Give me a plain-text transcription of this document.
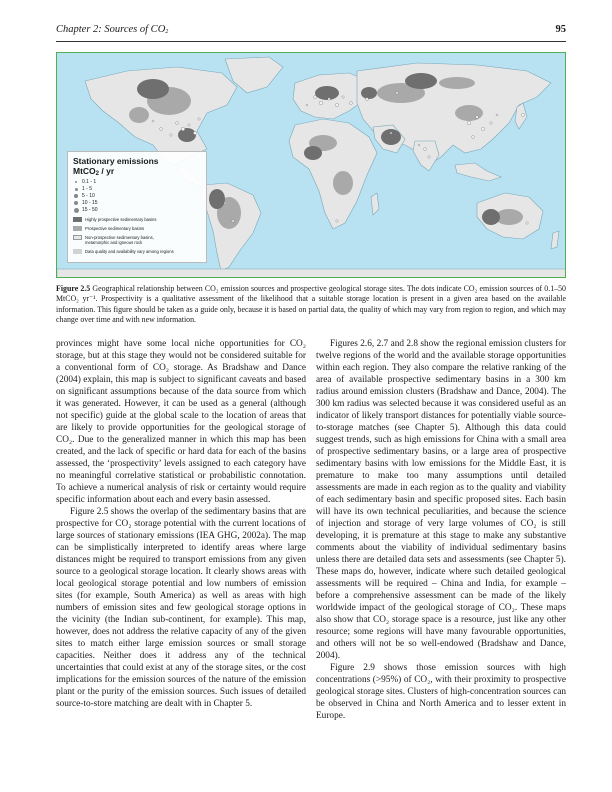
Chapter 2: Sources of $CO_2$	95
Stationary emissions
MtCO$_2$ / yr
0.1 - 1
1 - 5
5 - 10
10 - 15
15 - 50
Highly prospective sedimentary basins
Prospective sedimentary basins
Non-prospective sedimentary basins, metamorphic and igneous rock
Data quality and availability vary among regions
Figure 2.5 Geographical relationship between CO₂ emission sources and prospective geological storage sites. The dots indicate CO₂ emission sources of 0.1–50 MtCO₂ yr⁻¹. Prospectivity is a qualitative assessment of the likelihood that a suitable storage location is present in a given area based on the available information. This figure should be taken as a guide only, because it is based on partial data, the quality of which may vary from region to region, and which may change over time and with new information.

provinces might have some local niche opportunities for CO₂ storage, but at this stage they would not be considered suitable for a conventional form of CO₂ storage. As Bradshaw and Dance (2004) explain, this map is subject to significant caveats and based on significant assumptions because of the data source from which it was generated. However, it can be used as a general (although not specific) guide at the global scale to the location of areas that are likely to provide opportunities for the geological storage of CO₂. Due to the generalized manner in which this map has been created, and the lack of specific or hard data for each of the basins assessed, the ‘prospectivity’ levels assigned to each category have no meaningful correlative statistical or probabilistic connotation. To achieve a numerical analysis of risk or certainty would require specific information about each and every basin assessed.

Figure 2.5 shows the overlap of the sedimentary basins that are prospective for CO₂ storage potential with the current locations of large sources of stationary emissions (IEA GHG, 2002a). The map can be simplistically interpreted to identify areas where large distances might be required to transport emissions from any given source to a geological storage location. It clearly shows areas with local geological storage potential and low numbers of emission sites (for example, South America) as well as areas with high numbers of emission sites and few geological storage options in the vicinity (the Indian sub-continent, for example). This map, however, does not address the relative capacity of any of the given sites to match either large emission sources or small storage capacities. Neither does it address any of the technical uncertainties that could exist at any of the storage sites, or the cost implications for the emission sources of the nature of the emission plant or the purity of the emission sources. Such issues of detailed source-to-store matching are dealt with in Chapter 5.

Figures 2.6, 2.7 and 2.8 show the regional emission clusters for twelve regions of the world and the available storage opportunities within each region. They also compare the relative ranking of the area of available prospective sedimentary basins in a 300 km radius around emission clusters (Bradshaw and Dance, 2004). The 300 km radius was selected because it was considered useful as an indicator of likely transport distances for potentially viable source-to-storage matches (see Chapter 5). Although this data could suggest trends, such as high emissions for China with a small area of prospective sedimentary basins, or a large area of prospective sedimentary basins with low emissions for the Middle East, it is premature to make too many assumptions until detailed assessments are made in each region as to the quality and viability of each sedimentary basin and specific proposed sites. Each basin will have its own technical peculiarities, and because the science of injection and storage of very large volumes of CO₂ is still developing, it is premature at this stage to make any substantive comments about the viability of individual sedimentary basins unless there are detailed data sets and assessments (see Chapter 5). These maps do, however, indicate where such detailed geological assessments will be required – China and India, for example – before a comprehensive assessment can be made of the likely worldwide impact of the geological storage of CO₂. These maps also show that CO₂ storage space is a resource, just like any other resource; some regions will have many favourable opportunities, and others will not be so well-endowed (Bradshaw and Dance, 2004).

Figure 2.9 shows those emission sources with high concentrations (>95%) of CO₂, with their proximity to prospective geological storage sites. Clusters of high-concentration sources can be observed in China and North America and to lesser extent in Europe.
